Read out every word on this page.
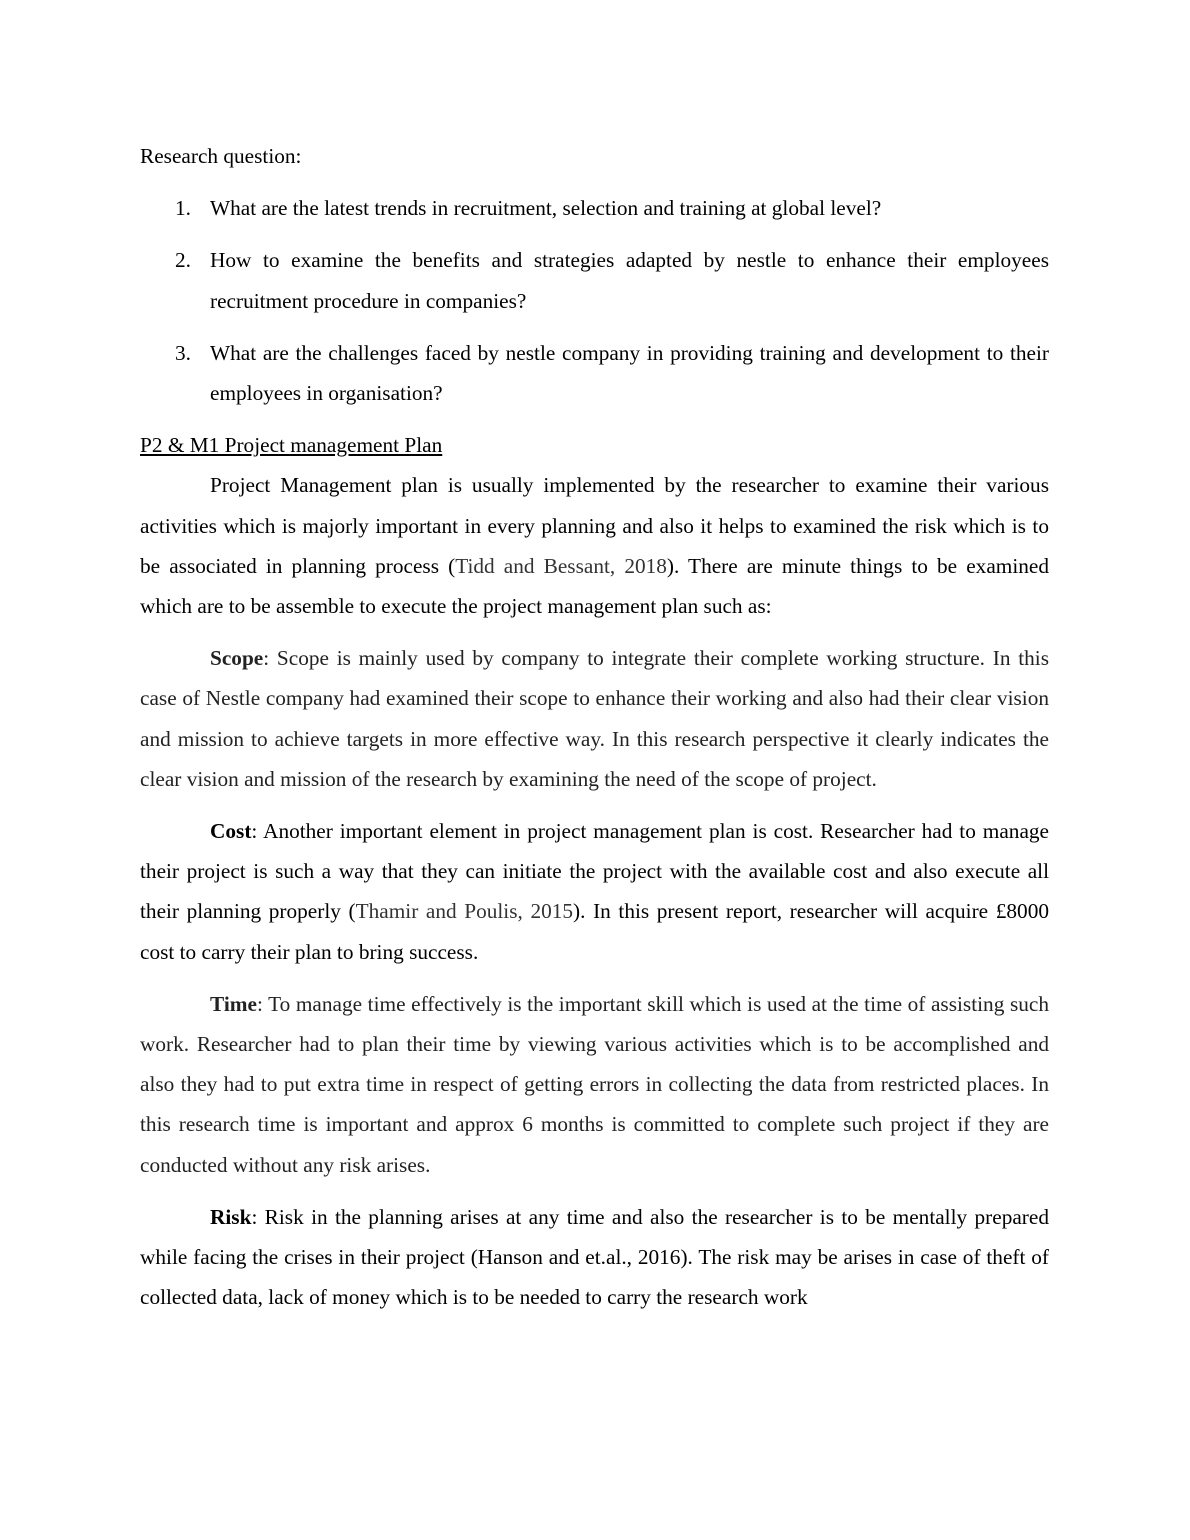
Research question:

1. What are the latest trends in recruitment, selection and training at global level?
2. How to examine the benefits and strategies adapted by nestle to enhance their employees recruitment procedure in companies?
3. What are the challenges faced by nestle company in providing training and development to their employees in organisation?

P2 & M1 Project management Plan

Project Management plan is usually implemented by the researcher to examine their various activities which is majorly important in every planning and also it helps to examined the risk which is to be associated in planning process (Tidd and Bessant, 2018). There are minute things to be examined which are to be assemble to execute the project management plan such as:

Scope: Scope is mainly used by company to integrate their complete working structure. In this case of Nestle company had examined their scope to enhance their working and also had their clear vision and mission to achieve targets in more effective way. In this research perspective it clearly indicates the clear vision and mission of the research by examining the need of the scope of project.

Cost: Another important element in project management plan is cost. Researcher had to manage their project is such a way that they can initiate the project with the available cost and also execute all their planning properly (Thamir and Poulis, 2015). In this present report, researcher will acquire £8000 cost to carry their plan to bring success.

Time: To manage time effectively is the important skill which is used at the time of assisting such work. Researcher had to plan their time by viewing various activities which is to be accomplished and also they had to put extra time in respect of getting errors in collecting the data from restricted places. In this research time is important and approx 6 months is committed to complete such project if they are conducted without any risk arises.

Risk: Risk in the planning arises at any time and also the researcher is to be mentally prepared while facing the crises in their project (Hanson and et.al., 2016). The risk may be arises in case of theft of collected data, lack of money which is to be needed to carry the research work
